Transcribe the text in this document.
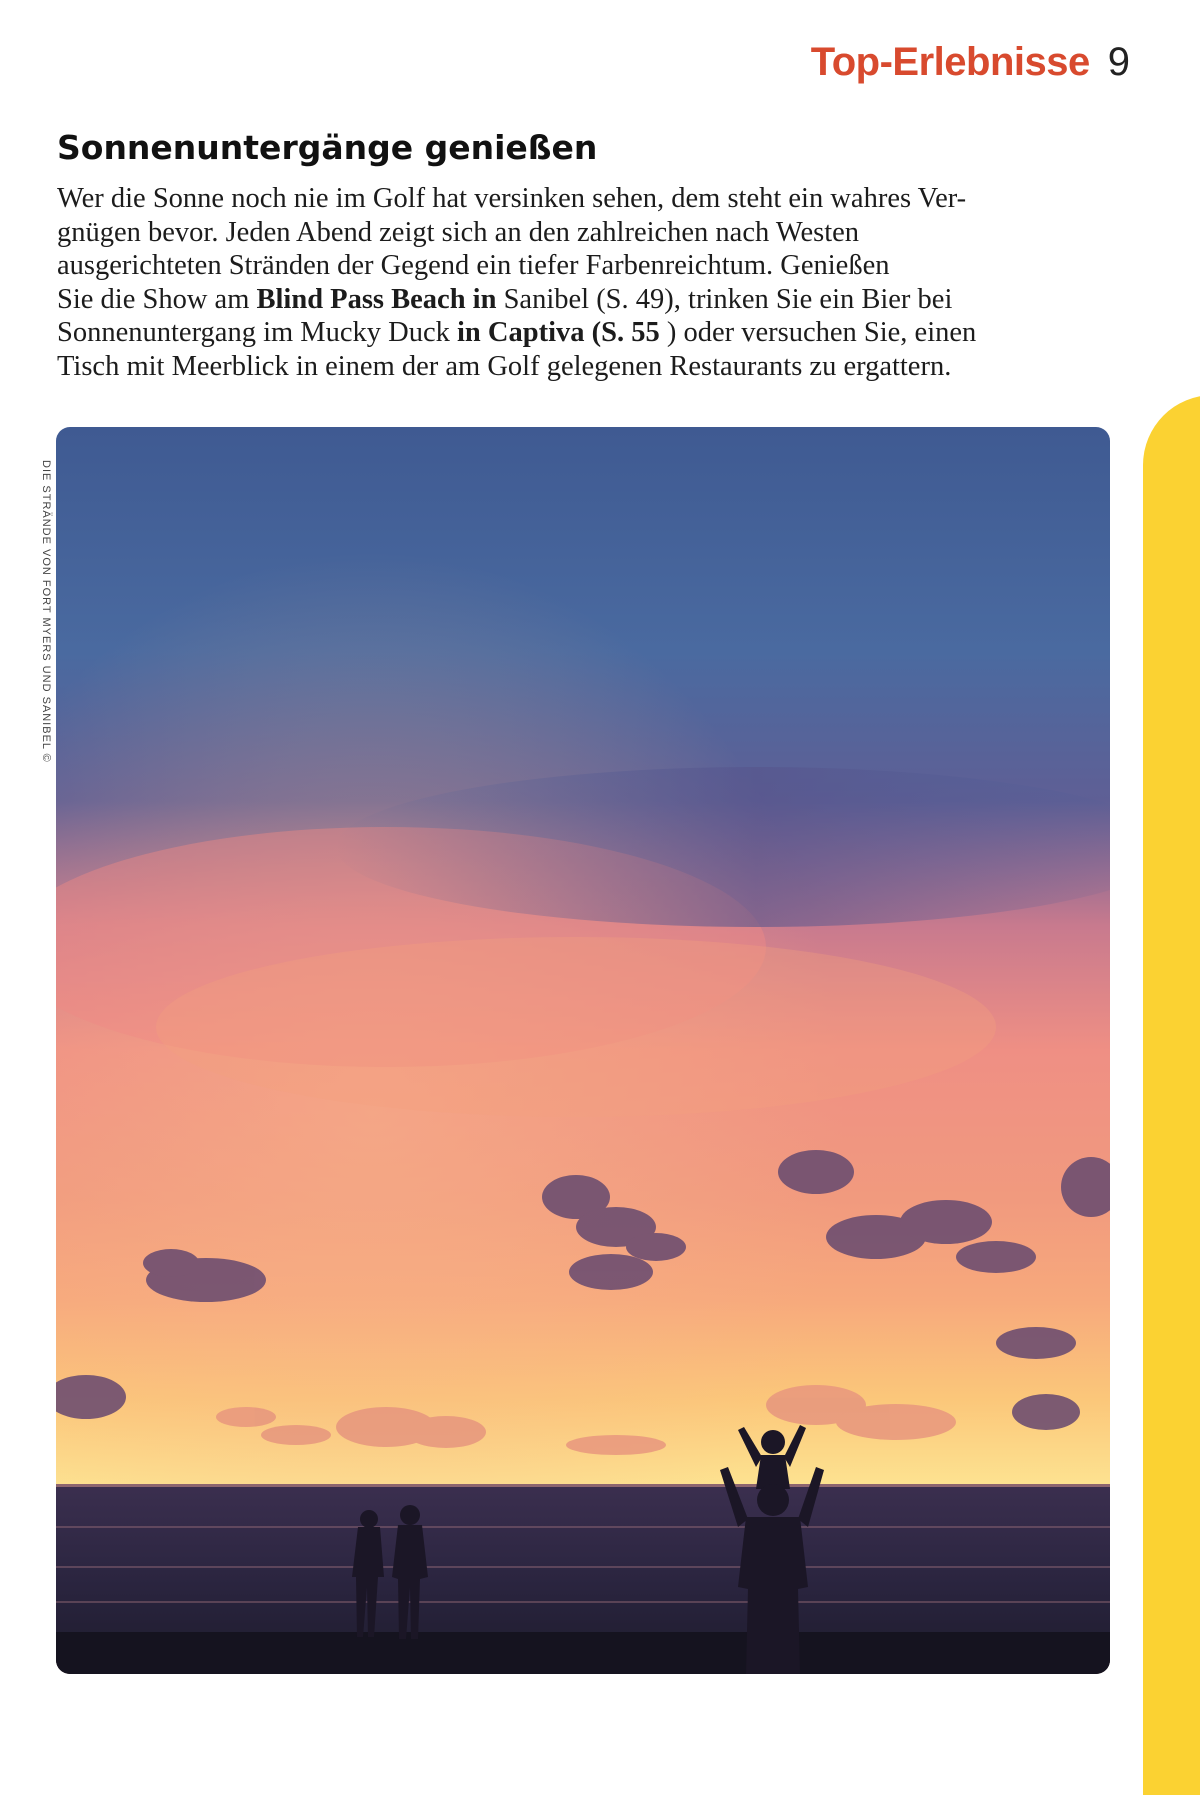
Top-Erlebnisse 9
Sonnenuntergänge genießen
Wer die Sonne noch nie im Golf hat versinken sehen, dem steht ein wahres Ver-
gnügen bevor. Jeden Abend zeigt sich an den zahlreichen nach Westen
ausgerichteten Stränden der Gegend ein tiefer Farbenreichtum. Genießen
Sie die Show am Blind Pass Beach in Sanibel (S. 49), trinken Sie ein Bier bei
Sonnenuntergang im Mucky Duck in Captiva (S. 55 ) oder versuchen Sie, einen
Tisch mit Meerblick in einem der am Golf gelegenen Restaurants zu ergattern.
DIE STRÄNDE VON FORT MYERS UND SANIBEL ©
